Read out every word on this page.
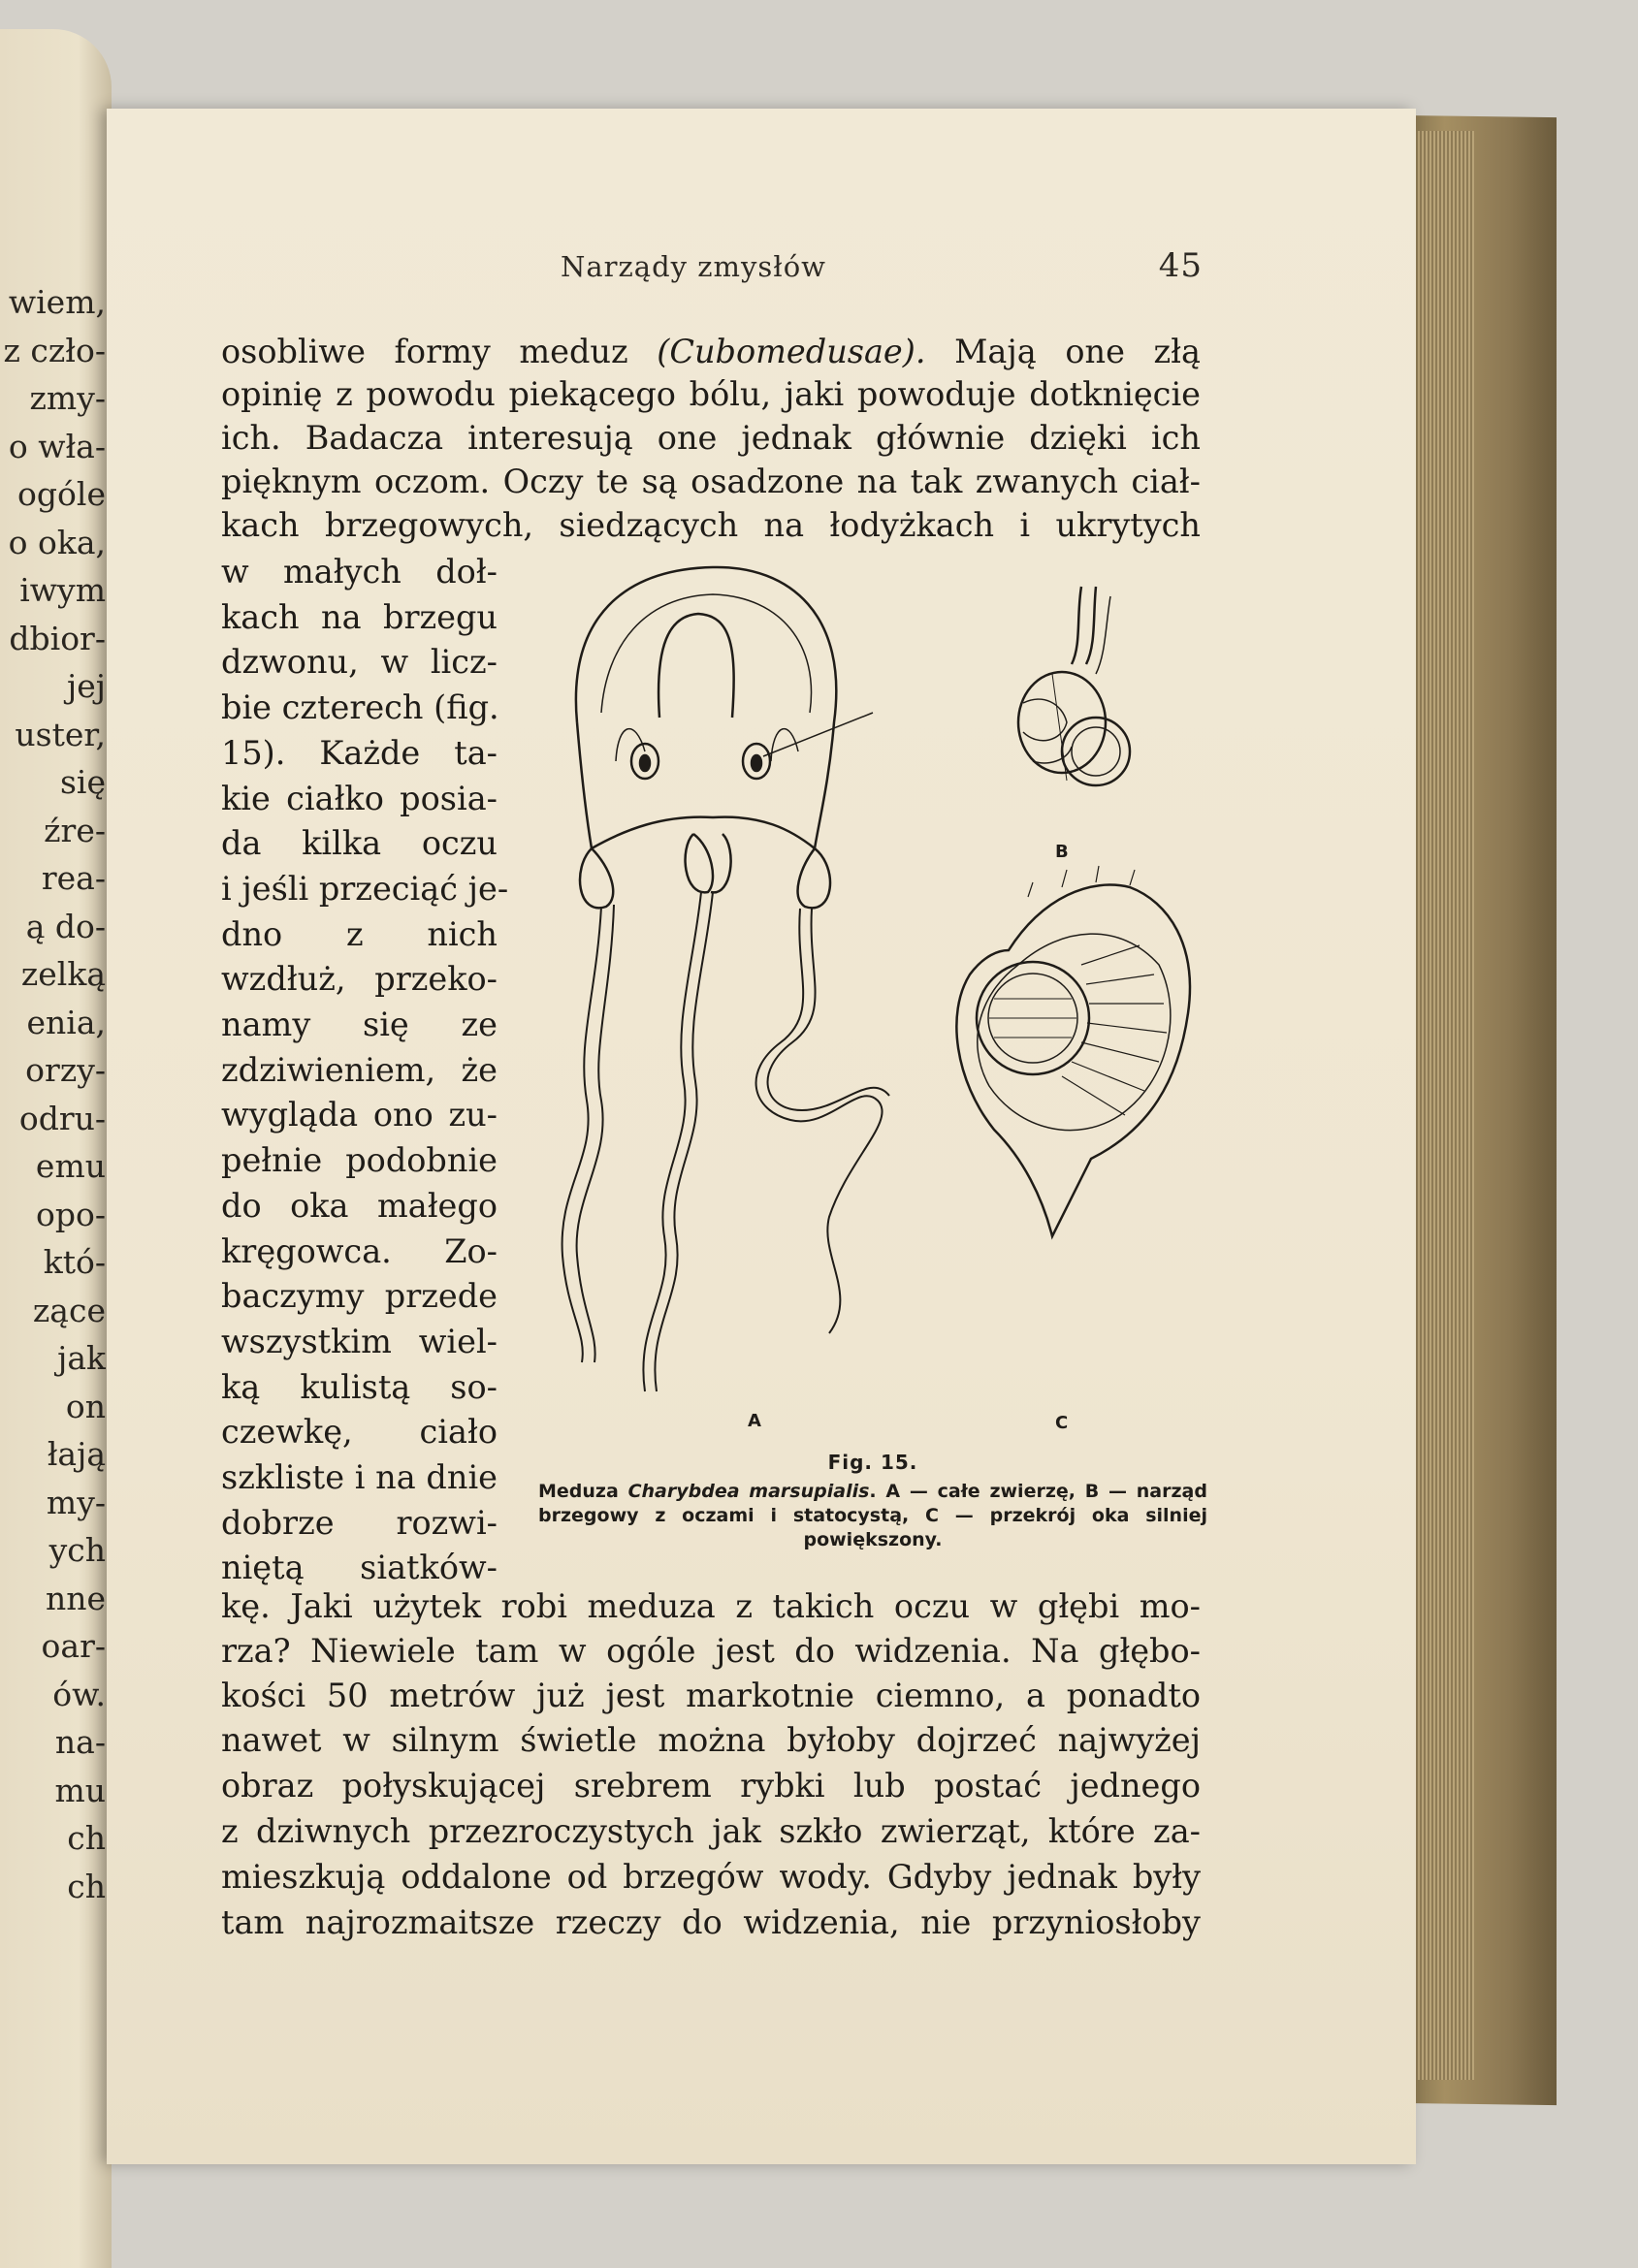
wiem,
z czło-
zmy-
o wła-
ogóle
o oka,
iwym
dbior-
jej
uster,
się
źre-
rea-
ą do-
zelką
enia,
orzy-
odru-
emu
opo-
któ-
zące
jak
on
łają
my-
ych
nne
oar-
ów.
na-
mu
ch
ch
Narządy zmysłów	45
osobliwe formy meduz (Cubomedusae). Mają one złą
opinię z powodu piekącego bólu, jaki powoduje dotknięcie
ich. Badacza interesują one jednak głównie dzięki ich
pięknym oczom. Oczy te są osadzone na tak zwanych ciał-
kach brzegowych, siedzących na łodyżkach i ukrytych
w małych doł-
kach na brzegu
dzwonu, w licz-
bie czterech (fig.
15). Każde ta-
kie ciałko posia-
da kilka oczu
i jeśli przeciąć je-
dno z nich
wzdłuż, przeko-
namy się ze
zdziwieniem, że
wygląda ono zu-
pełnie podobnie
do oka małego
kręgowca. Zo-
baczymy przede
wszystkim wiel-
ką kulistą so-
czewkę, ciało
szkliste i na dnie
dobrze rozwi-
niętą siatków-
A
B
C
Fig. 15.
Meduza Charybdea marsupialis. A — całe zwierzę, B — narząd brzegowy z oczami i statocystą, C — przekrój oka silniej powiększony.
kę. Jaki użytek robi meduza z takich oczu w głębi mo-
rza? Niewiele tam w ogóle jest do widzenia. Na głębo-
kości 50 metrów już jest markotnie ciemno, a ponadto
nawet w silnym świetle można byłoby dojrzeć najwyżej
obraz połyskującej srebrem rybki lub postać jednego
z dziwnych przezroczystych jak szkło zwierząt, które za-
mieszkują oddalone od brzegów wody. Gdyby jednak były
tam najrozmaitsze rzeczy do widzenia, nie przyniosłoby
